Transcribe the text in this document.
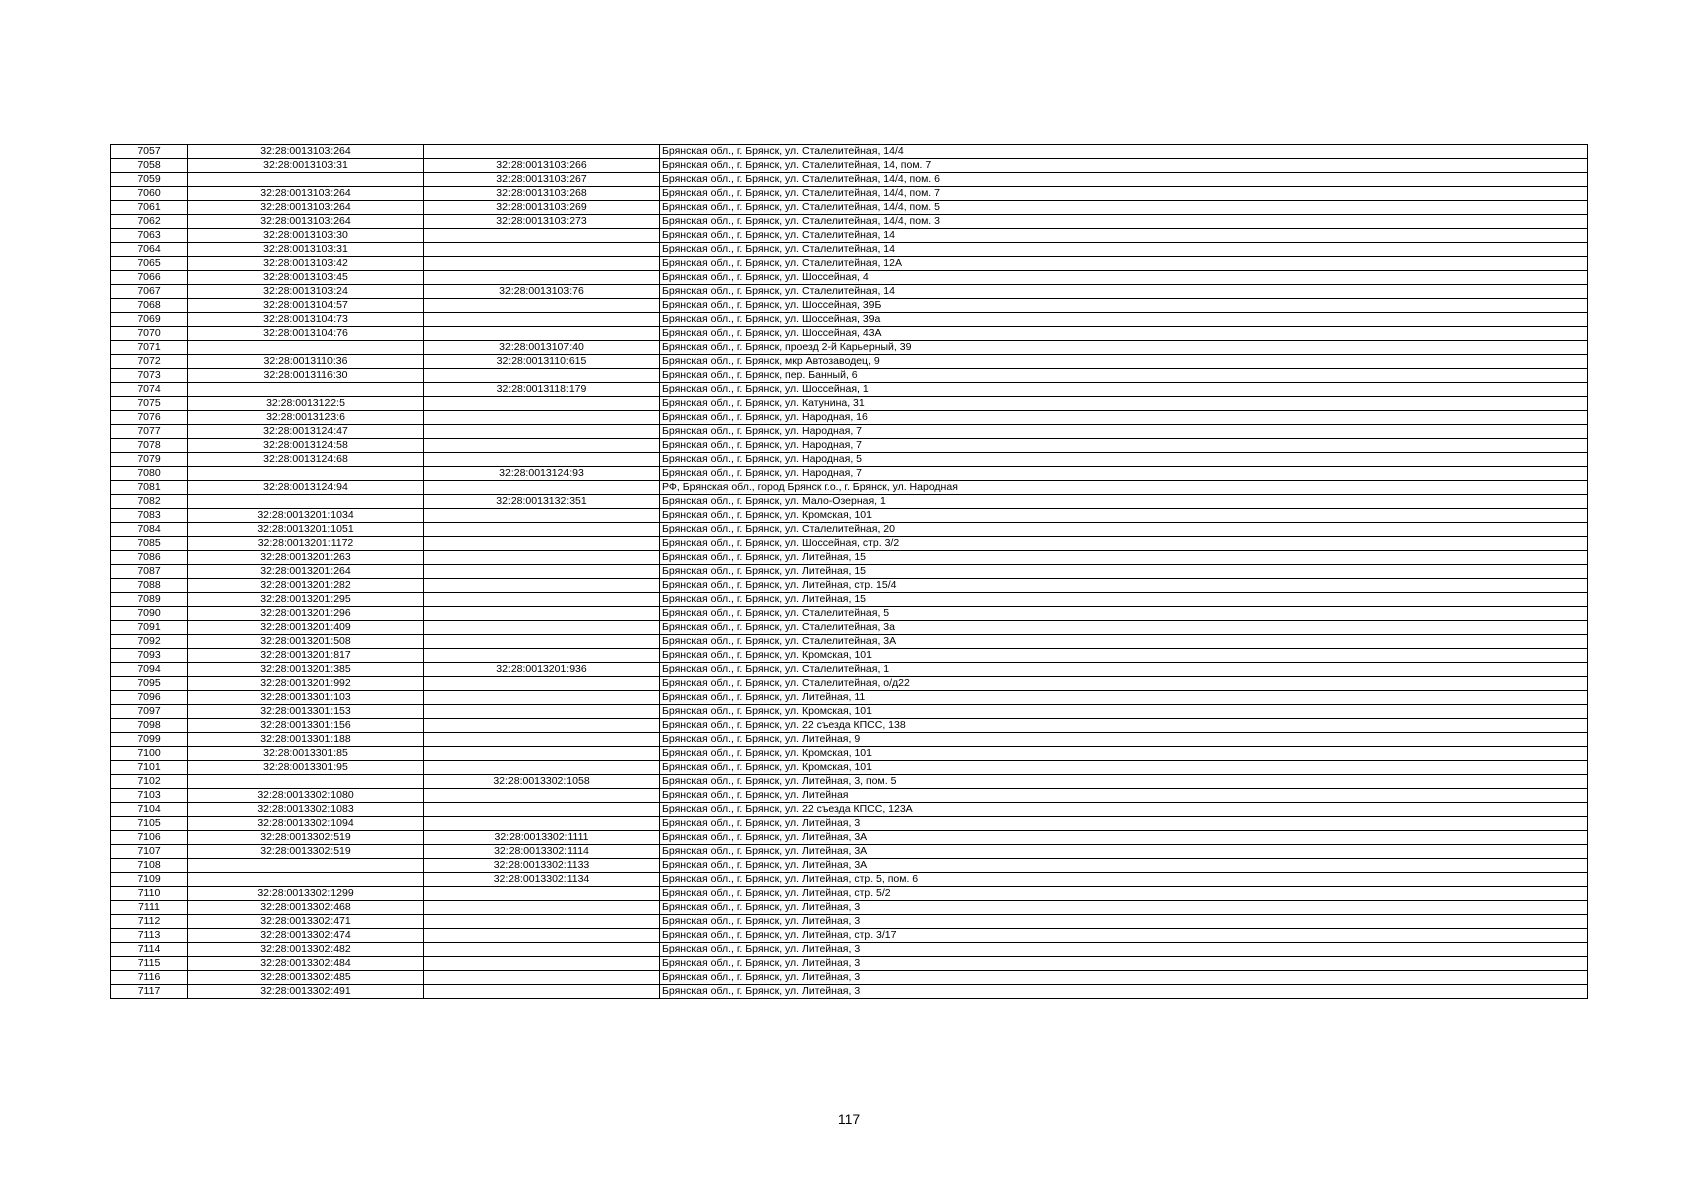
7057	32:28:0013103:264		Брянская обл., г. Брянск, ул. Сталелитейная, 14/4
7058	32:28:0013103:31	32:28:0013103:266	Брянская обл., г. Брянск, ул. Сталелитейная, 14, пом. 7
7059		32:28:0013103:267	Брянская обл., г. Брянск, ул. Сталелитейная, 14/4, пом. 6
7060	32:28:0013103:264	32:28:0013103:268	Брянская обл., г. Брянск, ул. Сталелитейная, 14/4, пом. 7
7061	32:28:0013103:264	32:28:0013103:269	Брянская обл., г. Брянск, ул. Сталелитейная, 14/4, пом. 5
7062	32:28:0013103:264	32:28:0013103:273	Брянская обл., г. Брянск, ул. Сталелитейная, 14/4, пом. 3
7063	32:28:0013103:30		Брянская обл., г. Брянск, ул. Сталелитейная, 14
7064	32:28:0013103:31		Брянская обл., г. Брянск, ул. Сталелитейная, 14
7065	32:28:0013103:42		Брянская обл., г. Брянск, ул. Сталелитейная, 12А
7066	32:28:0013103:45		Брянская обл., г. Брянск, ул. Шоссейная, 4
7067	32:28:0013103:24	32:28:0013103:76	Брянская обл., г. Брянск, ул. Сталелитейная, 14
7068	32:28:0013104:57		Брянская обл., г. Брянск, ул. Шоссейная, 39Б
7069	32:28:0013104:73		Брянская обл., г. Брянск, ул. Шоссейная, 39а
7070	32:28:0013104:76		Брянская обл., г. Брянск, ул. Шоссейная, 43А
7071		32:28:0013107:40	Брянская обл., г. Брянск, проезд 2-й Карьерный, 39
7072	32:28:0013110:36	32:28:0013110:615	Брянская обл., г. Брянск, мкр Автозаводец, 9
7073	32:28:0013116:30		Брянская обл., г. Брянск, пер. Банный, 6
7074		32:28:0013118:179	Брянская обл., г. Брянск, ул. Шоссейная, 1
7075	32:28:0013122:5		Брянская обл., г. Брянск, ул. Катунина, 31
7076	32:28:0013123:6		Брянская обл., г. Брянск, ул. Народная, 16
7077	32:28:0013124:47		Брянская обл., г. Брянск, ул. Народная, 7
7078	32:28:0013124:58		Брянская обл., г. Брянск, ул. Народная, 7
7079	32:28:0013124:68		Брянская обл., г. Брянск, ул. Народная, 5
7080		32:28:0013124:93	Брянская обл., г. Брянск, ул. Народная, 7
7081	32:28:0013124:94		РФ, Брянская обл., город Брянск г.о., г. Брянск, ул. Народная
7082		32:28:0013132:351	Брянская обл., г. Брянск, ул. Мало-Озерная, 1
7083	32:28:0013201:1034		Брянская обл., г. Брянск, ул. Кромская, 101
7084	32:28:0013201:1051		Брянская обл., г. Брянск, ул. Сталелитейная, 20
7085	32:28:0013201:1172		Брянская обл., г. Брянск, ул. Шоссейная, стр. 3/2
7086	32:28:0013201:263		Брянская обл., г. Брянск, ул. Литейная, 15
7087	32:28:0013201:264		Брянская обл., г. Брянск, ул. Литейная, 15
7088	32:28:0013201:282		Брянская обл., г. Брянск, ул. Литейная, стр. 15/4
7089	32:28:0013201:295		Брянская обл., г. Брянск, ул. Литейная, 15
7090	32:28:0013201:296		Брянская обл., г. Брянск, ул. Сталелитейная, 5
7091	32:28:0013201:409		Брянская обл., г. Брянск, ул. Сталелитейная, 3а
7092	32:28:0013201:508		Брянская обл., г. Брянск, ул. Сталелитейная, 3А
7093	32:28:0013201:817		Брянская обл., г. Брянск, ул. Кромская, 101
7094	32:28:0013201:385	32:28:0013201:936	Брянская обл., г. Брянск, ул. Сталелитейная, 1
7095	32:28:0013201:992		Брянская обл., г. Брянск, ул. Сталелитейная, о/д22
7096	32:28:0013301:103		Брянская обл., г. Брянск, ул. Литейная, 11
7097	32:28:0013301:153		Брянская обл., г. Брянск, ул. Кромская, 101
7098	32:28:0013301:156		Брянская обл., г. Брянск, ул. 22 съезда КПСС, 138
7099	32:28:0013301:188		Брянская обл., г. Брянск, ул. Литейная, 9
7100	32:28:0013301:85		Брянская обл., г. Брянск, ул. Кромская, 101
7101	32:28:0013301:95		Брянская обл., г. Брянск, ул. Кромская, 101
7102		32:28:0013302:1058	Брянская обл., г. Брянск, ул. Литейная, 3, пом. 5
7103	32:28:0013302:1080		Брянская обл., г. Брянск, ул. Литейная
7104	32:28:0013302:1083		Брянская обл., г. Брянск, ул. 22 съезда КПСС, 123А
7105	32:28:0013302:1094		Брянская обл., г. Брянск, ул. Литейная, 3
7106	32:28:0013302:519	32:28:0013302:1111	Брянская обл., г. Брянск, ул. Литейная, 3А
7107	32:28:0013302:519	32:28:0013302:1114	Брянская обл., г. Брянск, ул. Литейная, 3А
7108		32:28:0013302:1133	Брянская обл., г. Брянск, ул. Литейная, 3А
7109		32:28:0013302:1134	Брянская обл., г. Брянск, ул. Литейная, стр. 5, пом. 6
7110	32:28:0013302:1299		Брянская обл., г. Брянск, ул. Литейная, стр. 5/2
7111	32:28:0013302:468		Брянская обл., г. Брянск, ул. Литейная, 3
7112	32:28:0013302:471		Брянская обл., г. Брянск, ул. Литейная, 3
7113	32:28:0013302:474		Брянская обл., г. Брянск, ул. Литейная, стр. 3/17
7114	32:28:0013302:482		Брянская обл., г. Брянск, ул. Литейная, 3
7115	32:28:0013302:484		Брянская обл., г. Брянск, ул. Литейная, 3
7116	32:28:0013302:485		Брянская обл., г. Брянск, ул. Литейная, 3
7117	32:28:0013302:491		Брянская обл., г. Брянск, ул. Литейная, 3
117
